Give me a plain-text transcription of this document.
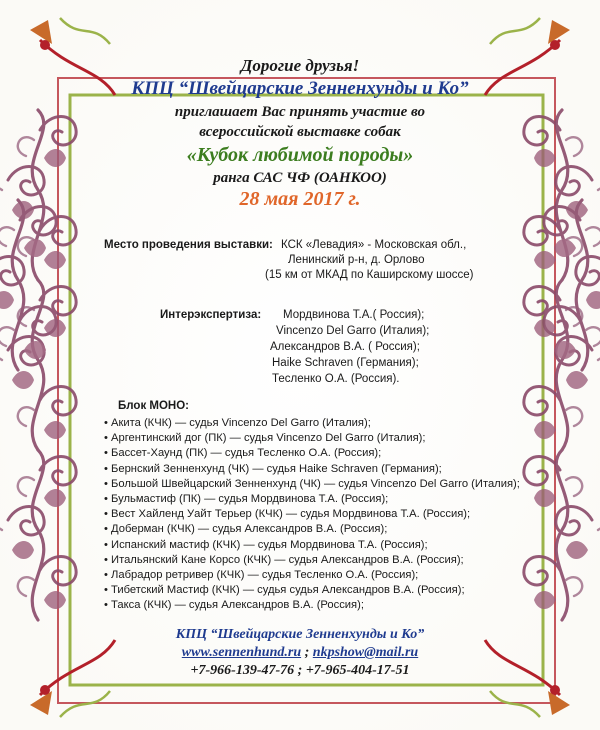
Дорогие друзья!
КПЦ “Швейцарские Зенненхунды и Ко”
приглашает Вас принять участие во
всероссийской выставке собак
«Кубок любимой породы»
ранга САС ЧФ (ОАНКОО)
28 мая 2017 г.
Место проведения выставки: КСК «Левадия» - Московская обл.,
Ленинский р-н, д. Орлово
(15 км от МКАД по Каширскому шоссе)
Интерэкспертиза: Мордвинова Т.А.( Россия);
Vincenzo Del Garro (Италия);
Александров В.А. ( Россия);
Haike Schraven (Германия);
Тесленко О.А. (Россия).
Блок МОНО:
• Акита (КЧК) — судья Vincenzo Del Garro (Италия);
• Аргентинский дог (ПК) — судья Vincenzo Del Garro (Италия);
• Бассет-Хаунд (ПК) — судья Тесленко О.А. (Россия);
• Бернский Зенненхунд (ЧК) — судья Haike Schraven (Германия);
• Большой Швейцарский Зенненхунд (ЧК) — судья Vincenzo Del Garro (Италия);
• Бульмастиф (ПК) — судья Мордвинова Т.А. (Россия);
• Вест Хайленд Уайт Терьер (КЧК) — судья Мордвинова Т.А. (Россия);
• Доберман (КЧК) — судья Александров В.А. (Россия);
• Испанский мастиф (КЧК) — судья Мордвинова Т.А. (Россия);
• Итальянский Кане Корсо (КЧК) — судья Александров В.А. (Россия);
• Лабрадор ретривер (КЧК) — судья Тесленко О.А. (Россия);
• Тибетский Мастиф (КЧК) — судья судья Александров В.А. (Россия);
• Такса (КЧК) — судья Александров В.А. (Россия);
КПЦ “Швейцарские Зенненхунды и Ко”
www.sennenhund.ru ; nkpshow@mail.ru
+7-966-139-47-76 ; +7-965-404-17-51
